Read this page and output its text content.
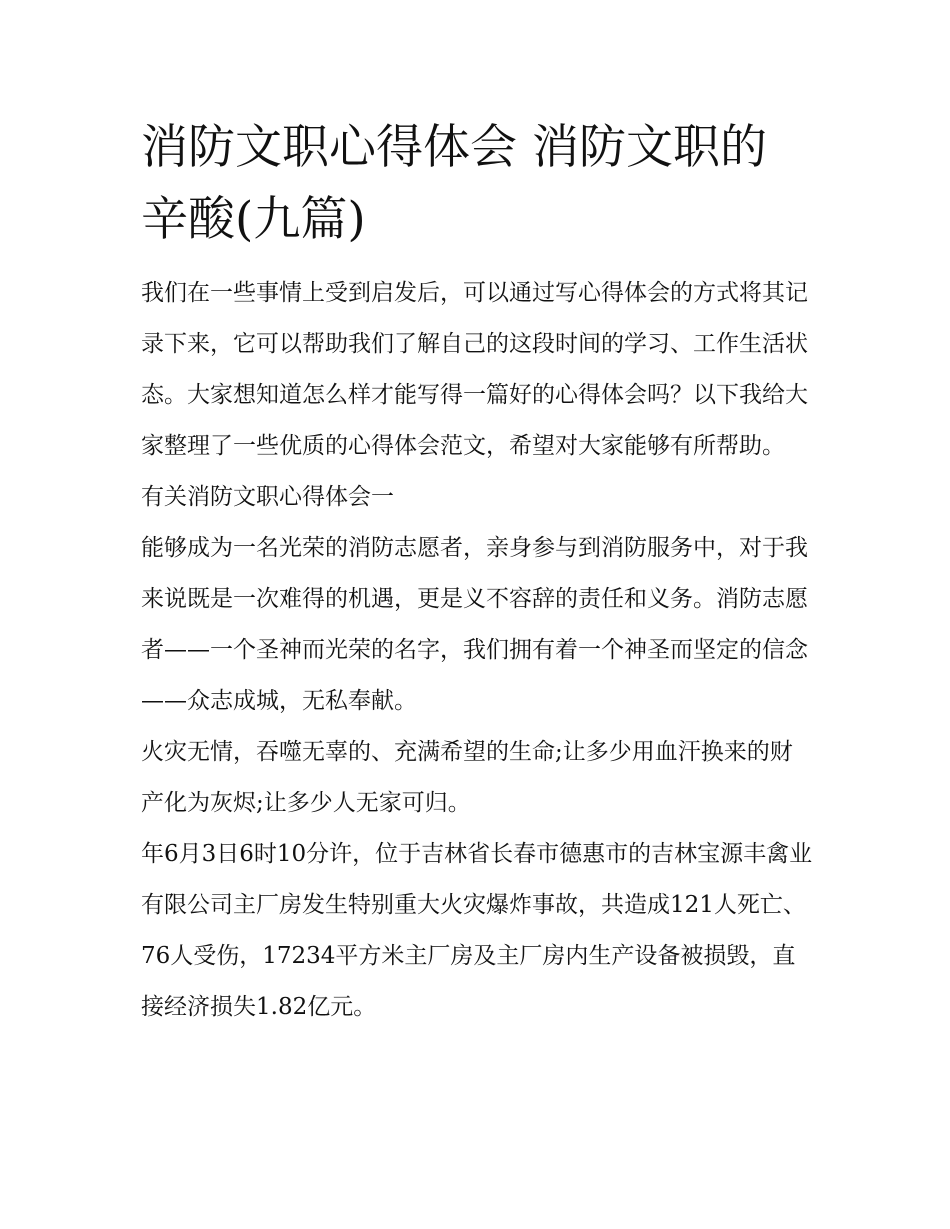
消防文职心得体会 消防文职的辛酸(九篇)

我们在一些事情上受到启发后，可以通过写心得体会的方式将其记录下来，它可以帮助我们了解自己的这段时间的学习、工作生活状态。大家想知道怎么样才能写得一篇好的心得体会吗？以下我给大家整理了一些优质的心得体会范文，希望对大家能够有所帮助。

有关消防文职心得体会一

能够成为一名光荣的消防志愿者，亲身参与到消防服务中，对于我来说既是一次难得的机遇，更是义不容辞的责任和义务。消防志愿者——一个圣神而光荣的名字，我们拥有着一个神圣而坚定的信念——众志成城，无私奉献。

火灾无情，吞噬无辜的、充满希望的生命;让多少用血汗换来的财产化为灰烬;让多少人无家可归。

年6月3日6时10分许，位于吉林省长春市德惠市的吉林宝源丰禽业有限公司主厂房发生特别重大火灾爆炸事故，共造成121人死亡、76人受伤，17234平方米主厂房及主厂房内生产设备被损毁，直接经济损失1.82亿元。
